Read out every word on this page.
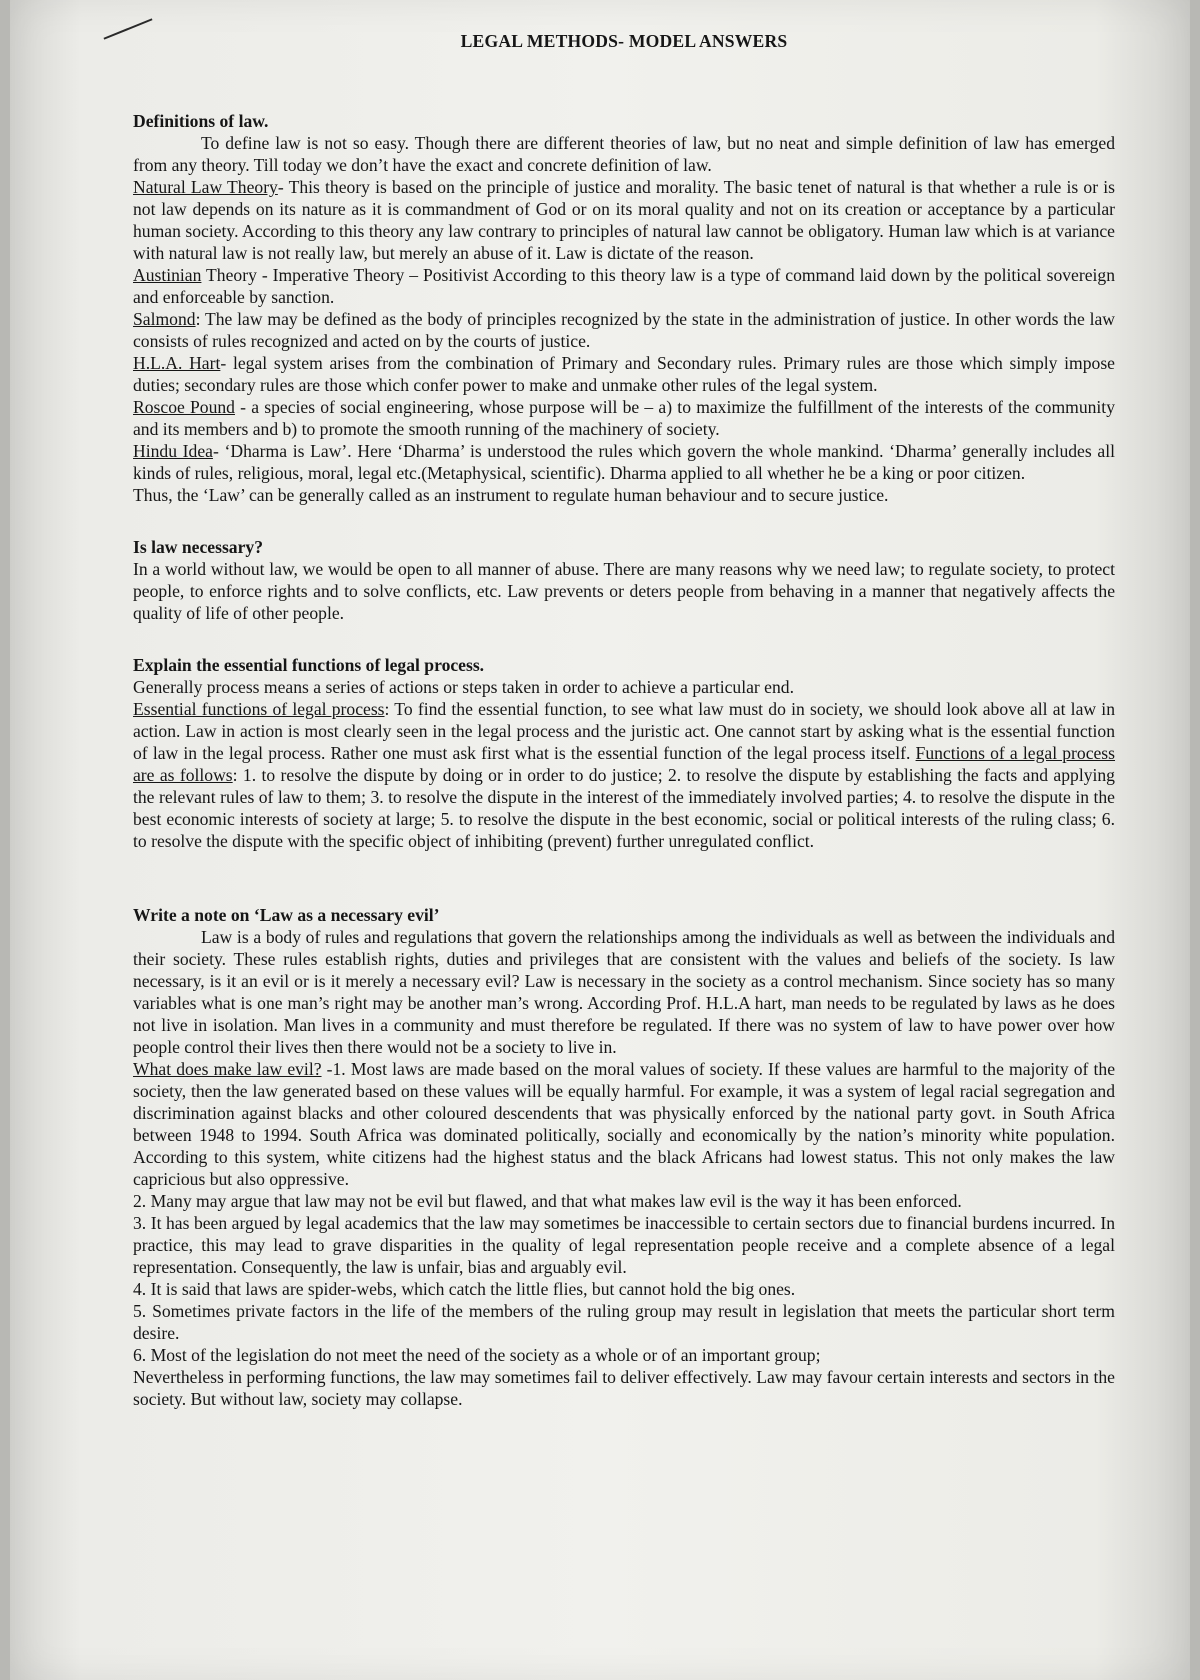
LEGAL METHODS- MODEL ANSWERS

Definitions of law.

To define law is not so easy. Though there are different theories of law, but no neat and simple definition of law has emerged from any theory. Till today we don’t have the exact and concrete definition of law.

Natural Law Theory- This theory is based on the principle of justice and morality. The basic tenet of natural is that whether a rule is or is not law depends on its nature as it is commandment of God or on its moral quality and not on its creation or acceptance by a particular human society. According to this theory any law contrary to principles of natural law cannot be obligatory. Human law which is at variance with natural law is not really law, but merely an abuse of it. Law is dictate of the reason.

Austinian Theory - Imperative Theory – Positivist According to this theory law is a type of command laid down by the political sovereign and enforceable by sanction.

Salmond: The law may be defined as the body of principles recognized by the state in the administration of justice. In other words the law consists of rules recognized and acted on by the courts of justice.

H.L.A. Hart- legal system arises from the combination of Primary and Secondary rules. Primary rules are those which simply impose duties; secondary rules are those which confer power to make and unmake other rules of the legal system.

Roscoe Pound - a species of social engineering, whose purpose will be – a) to maximize the fulfillment of the interests of the community and its members and b) to promote the smooth running of the machinery of society.

Hindu Idea- ‘Dharma is Law’. Here ‘Dharma’ is understood the rules which govern the whole mankind. ‘Dharma’ generally includes all kinds of rules, religious, moral, legal etc.(Metaphysical, scientific). Dharma applied to all whether he be a king or poor citizen.

Thus, the ‘Law’ can be generally called as an instrument to regulate human behaviour and to secure justice.

Is law necessary?

In a world without law, we would be open to all manner of abuse. There are many reasons why we need law; to regulate society, to protect people, to enforce rights and to solve conflicts, etc. Law prevents or deters people from behaving in a manner that negatively affects the quality of life of other people.

Explain the essential functions of legal process.

Generally process means a series of actions or steps taken in order to achieve a particular end.

Essential functions of legal process: To find the essential function, to see what law must do in society, we should look above all at law in action. Law in action is most clearly seen in the legal process and the juristic act. One cannot start by asking what is the essential function of law in the legal process. Rather one must ask first what is the essential function of the legal process itself. Functions of a legal process are as follows: 1. to resolve the dispute by doing or in order to do justice; 2. to resolve the dispute by establishing the facts and applying the relevant rules of law to them; 3. to resolve the dispute in the interest of the immediately involved parties; 4. to resolve the dispute in the best economic interests of society at large; 5. to resolve the dispute in the best economic, social or political interests of the ruling class; 6. to resolve the dispute with the specific object of inhibiting (prevent) further unregulated conflict.

Write a note on ‘Law as a necessary evil’

Law is a body of rules and regulations that govern the relationships among the individuals as well as between the individuals and their society. These rules establish rights, duties and privileges that are consistent with the values and beliefs of the society. Is law necessary, is it an evil or is it merely a necessary evil? Law is necessary in the society as a control mechanism. Since society has so many variables what is one man’s right may be another man’s wrong. According Prof. H.L.A hart, man needs to be regulated by laws as he does not live in isolation. Man lives in a community and must therefore be regulated. If there was no system of law to have power over how people control their lives then there would not be a society to live in.

What does make law evil? -1. Most laws are made based on the moral values of society. If these values are harmful to the majority of the society, then the law generated based on these values will be equally harmful. For example, it was a system of legal racial segregation and discrimination against blacks and other coloured descendents that was physically enforced by the national party govt. in South Africa between 1948 to 1994. South Africa was dominated politically, socially and economically by the nation’s minority white population. According to this system, white citizens had the highest status and the black Africans had lowest status. This not only makes the law capricious but also oppressive.

2. Many may argue that law may not be evil but flawed, and that what makes law evil is the way it has been enforced.

3. It has been argued by legal academics that the law may sometimes be inaccessible to certain sectors due to financial burdens incurred. In practice, this may lead to grave disparities in the quality of legal representation people receive and a complete absence of a legal representation. Consequently, the law is unfair, bias and arguably evil.

4. It is said that laws are spider-webs, which catch the little flies, but cannot hold the big ones.

5. Sometimes private factors in the life of the members of the ruling group may result in legislation that meets the particular short term desire.

6. Most of the legislation do not meet the need of the society as a whole or of an important group;

Nevertheless in performing functions, the law may sometimes fail to deliver effectively. Law may favour certain interests and sectors in the society. But without law, society may collapse.
